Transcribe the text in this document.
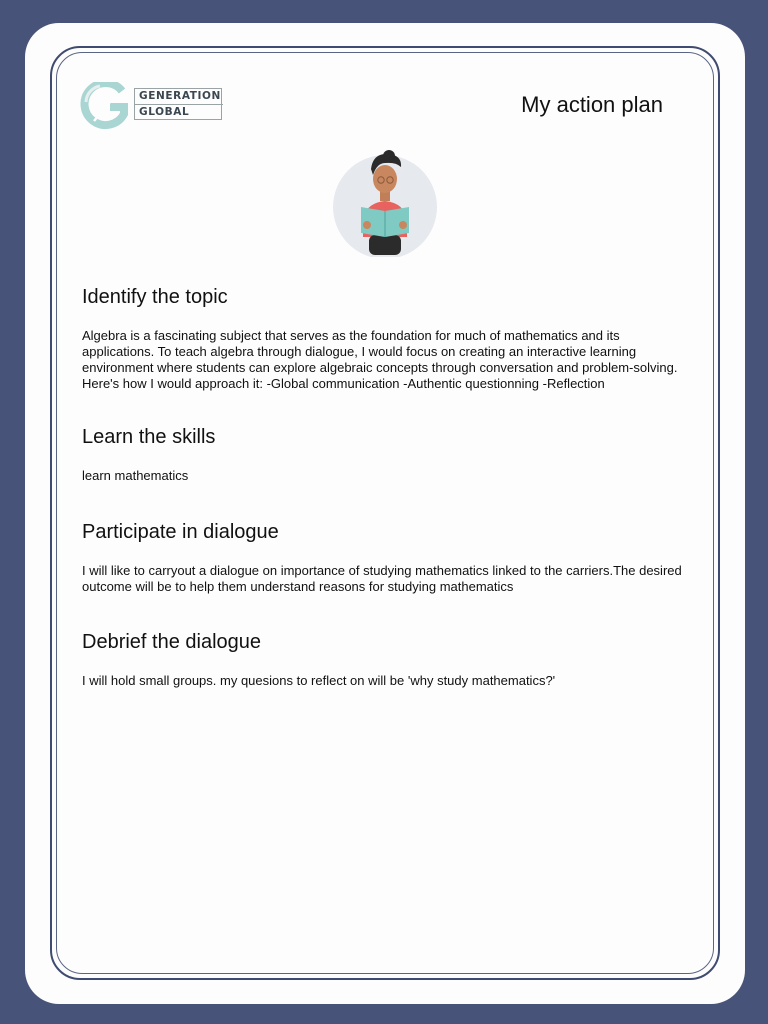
GENERATION
GLOBAL	My action plan
Identify the topic

Algebra is a fascinating subject that serves as the foundation for much of mathematics and its applications. To teach algebra through dialogue, I would focus on creating an interactive learning environment where students can explore algebraic concepts through conversation and problem-solving. Here's how I would approach it: -Global communication -Authentic questionning -Reflection

Learn the skills

learn mathematics

Participate in dialogue

I will like to carryout a dialogue on importance of studying mathematics linked to the carriers.The desired outcome will be to help them understand reasons for studying mathematics

Debrief the dialogue

I will hold small groups. my quesions to reflect on will be 'why study mathematics?'
